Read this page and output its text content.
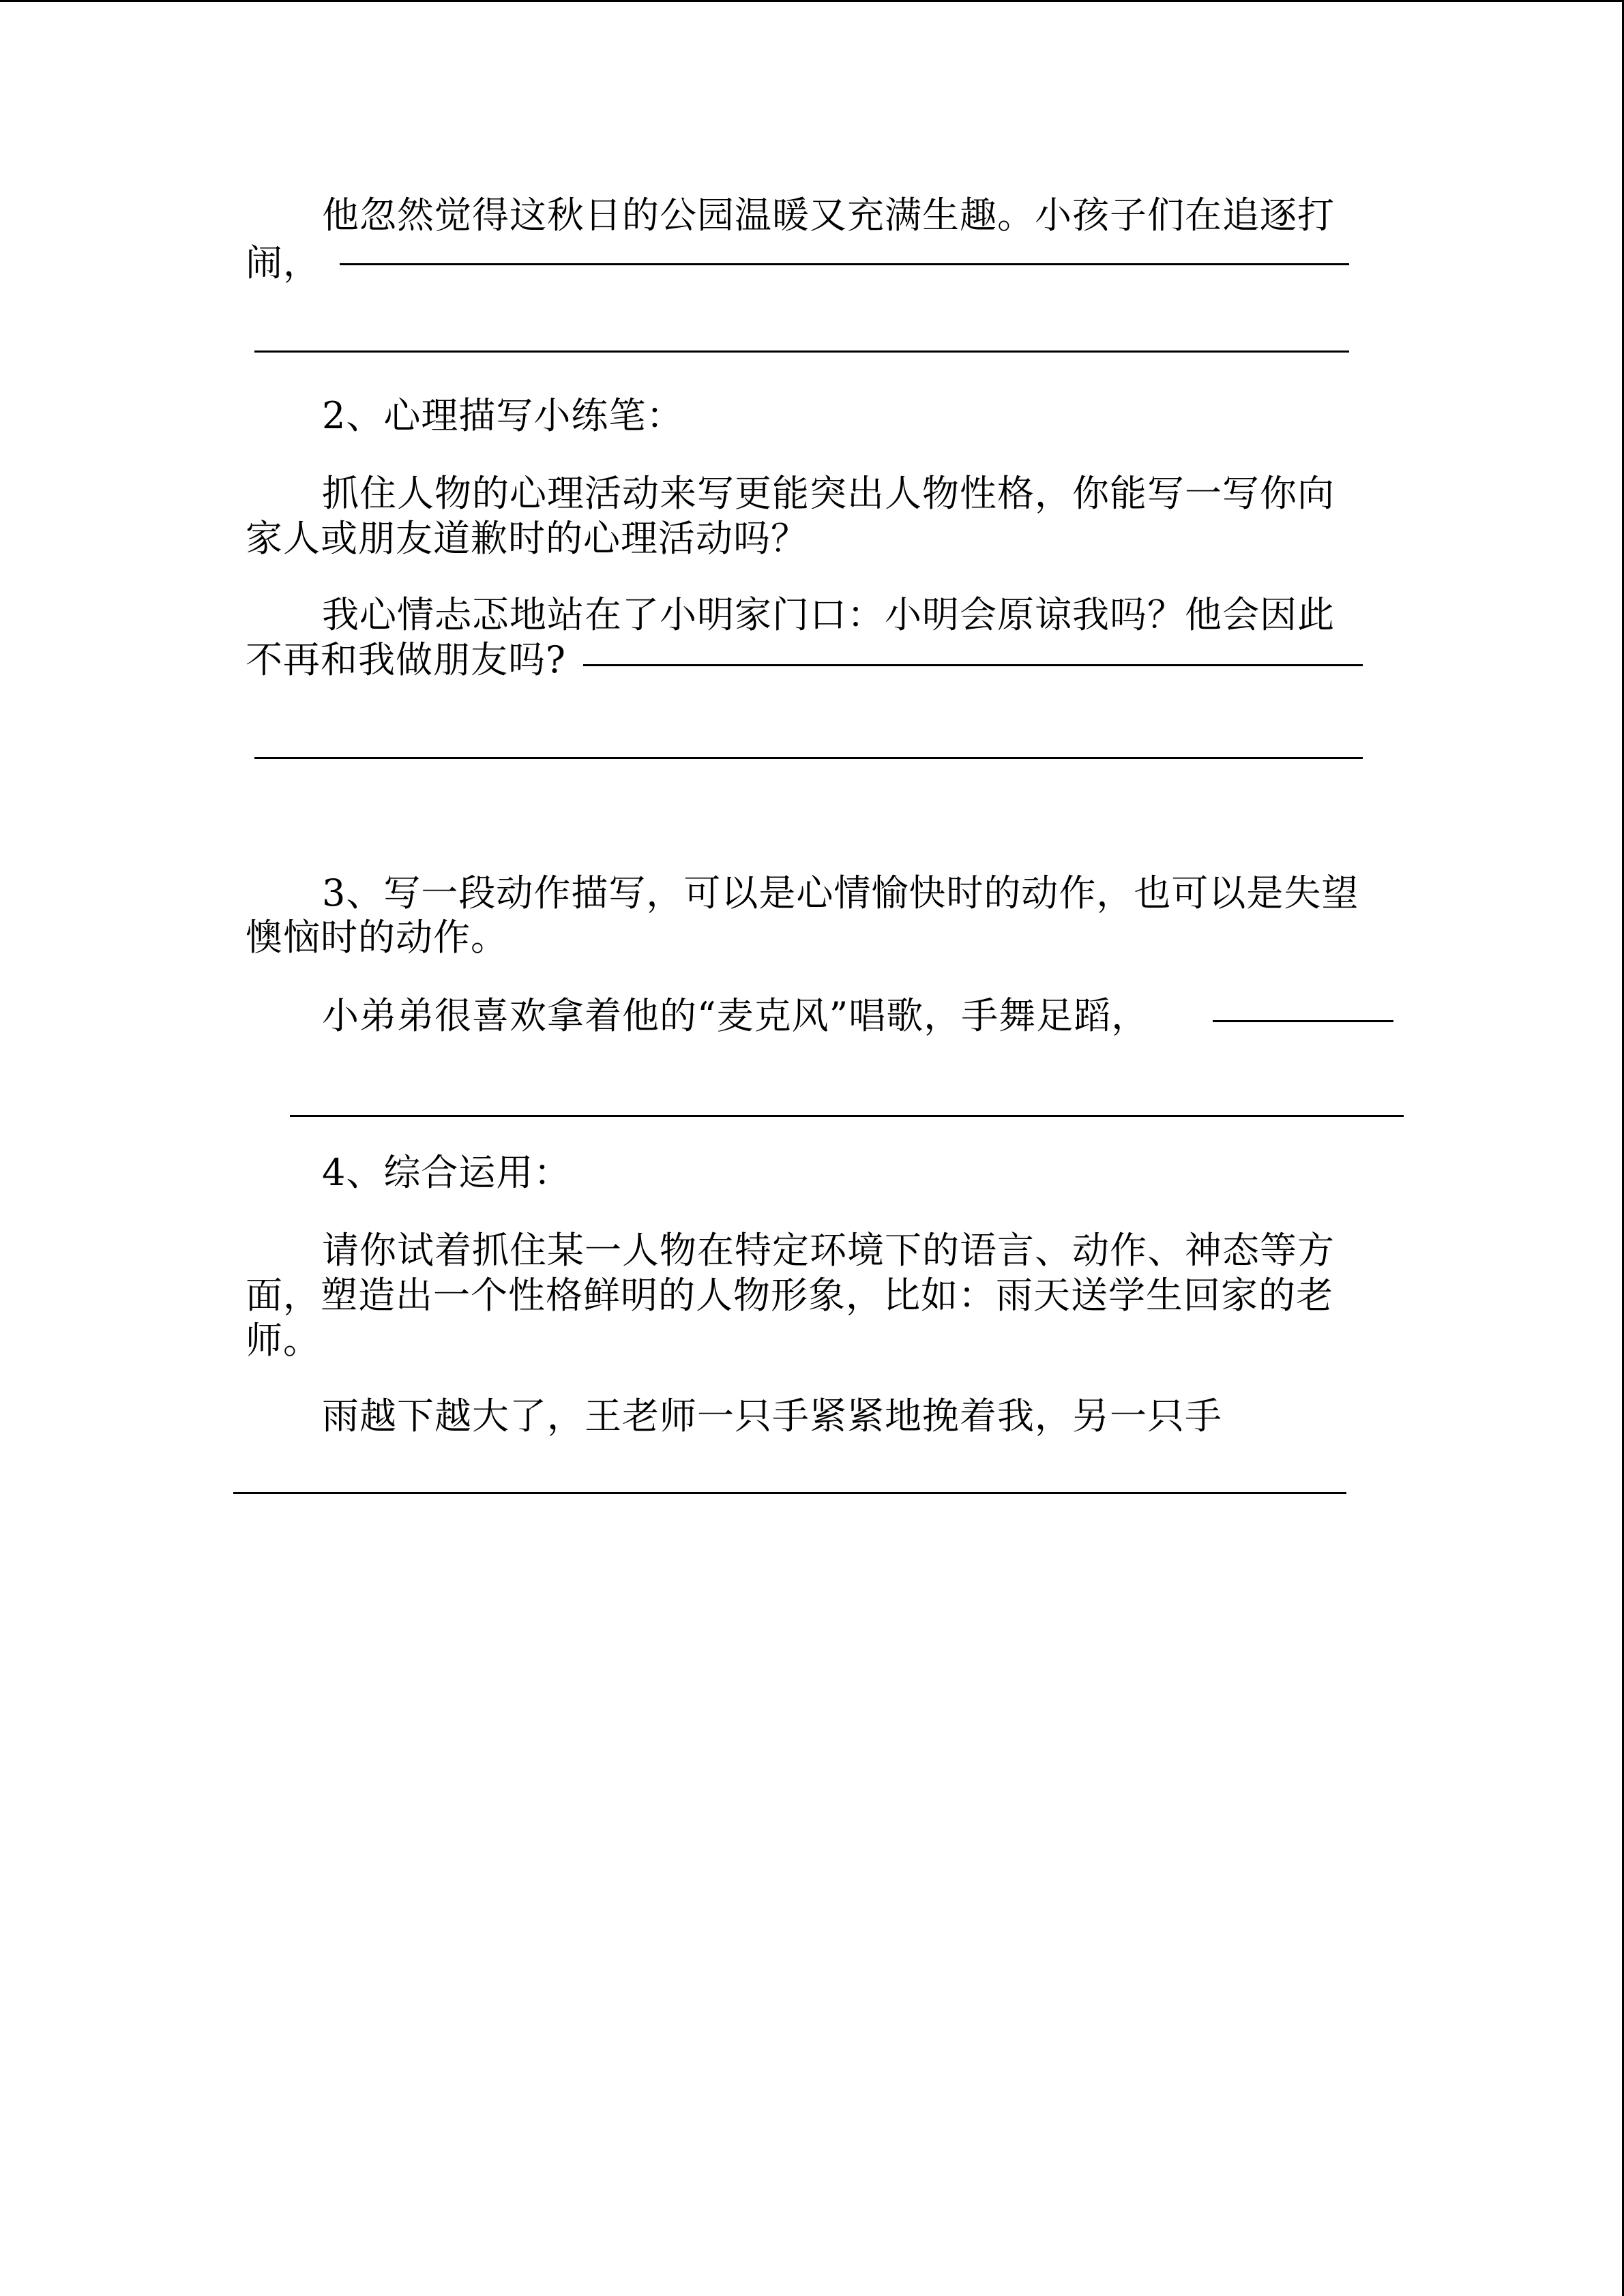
他忽然觉得这秋日的公园温暖又充满生趣。小孩子们在追逐打
闹，
2、心理描写小练笔：
抓住人物的心理活动来写更能突出人物性格，你能写一写你向
家人或朋友道歉时的心理活动吗？
我心情忐忑地站在了小明家门口：小明会原谅我吗？他会因此
不再和我做朋友吗?
3、写一段动作描写，可以是心情愉快时的动作，也可以是失望
懊恼时的动作。
小弟弟很喜欢拿着他的“麦克风”唱歌，手舞足蹈，
4、综合运用：
请你试着抓住某一人物在特定环境下的语言、动作、神态等方
面，塑造出一个性格鲜明的人物形象，比如：雨天送学生回家的老
师。
雨越下越大了，王老师一只手紧紧地挽着我，另一只手
